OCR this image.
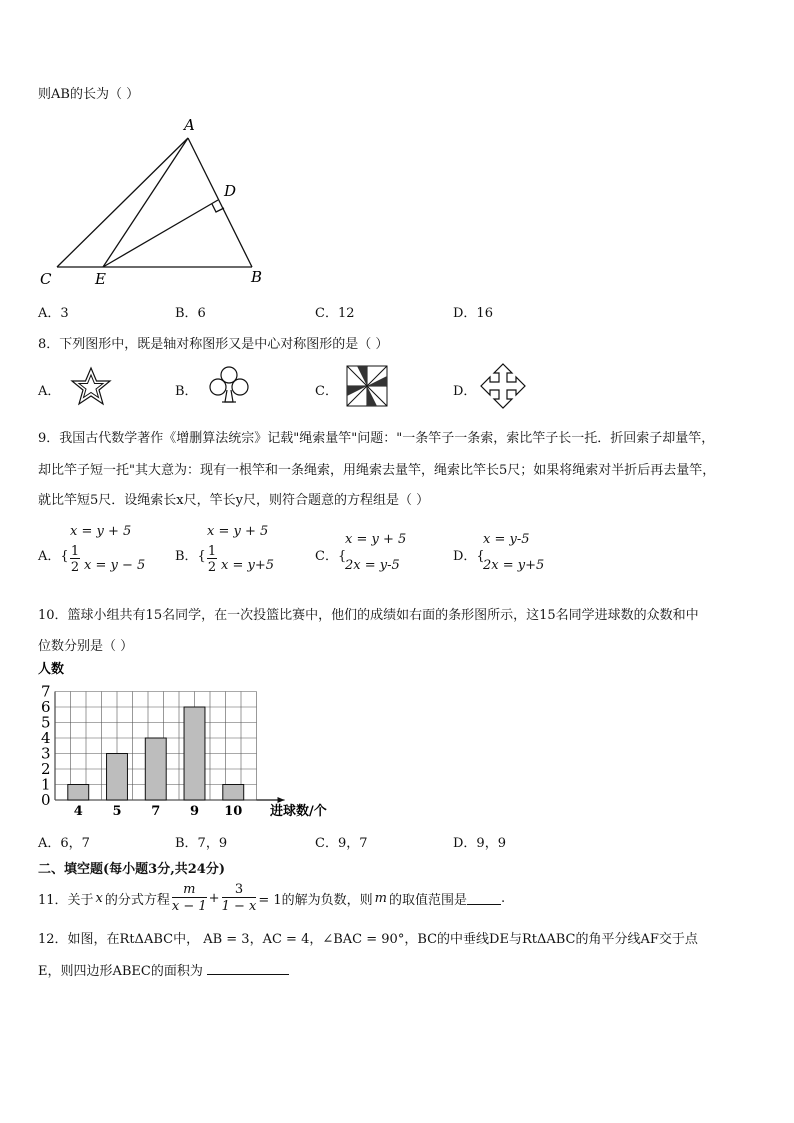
则AB的长为（ ）
A
D
C	E	B
A．3	B．6	C．12	D．16
8．下列图形中，既是轴对称图形又是中心对称图形的是（ ）
A．	B．	C．	D．
9．我国古代数学著作《增删算法统宗》记载"绳索量竿"问题："一条竿子一条索，索比竿子长一托．折回索子却量竿，
却比竿子短一托"其大意为：现有一根竿和一条绳索，用绳索去量竿，绳索比竿长5尺；如果将绳索对半折后再去量竿，
就比竿短5尺．设绳索长x尺，竿长y尺，则符合题意的方程组是（ ）
x = y + 5
A．{ 1
2 x = y − 5
x = y + 5
B．{ 1
2 x = y+5
x = y + 5
C．{
2x = y-5
x = y-5
D．{
2x = y+5
10．篮球小组共有15名同学，在一次投篮比赛中，他们的成绩如右面的条形图所示，这15名同学进球数的众数和中
位数分别是（ ）
人数
0
1
2
3
4
5
6
7
4 5 7 9 10 进球数/个
A．6，7	B．7，9	C．9，7	D．9，9
二、填空题(每小题3分,共24分)
11．关于 x 的分式方程 $\frac{m}{x - 1} + \frac{3}{1 - x} = 1$的解为负数，则 m 的取值范围是	.
12．如图，在RtΔABC中， AB = 3，AC = 4，∠BAC = 90°，BC的中垂线DE与RtΔABC的角平分线AF交于点
E，则四边形ABEC的面积为
